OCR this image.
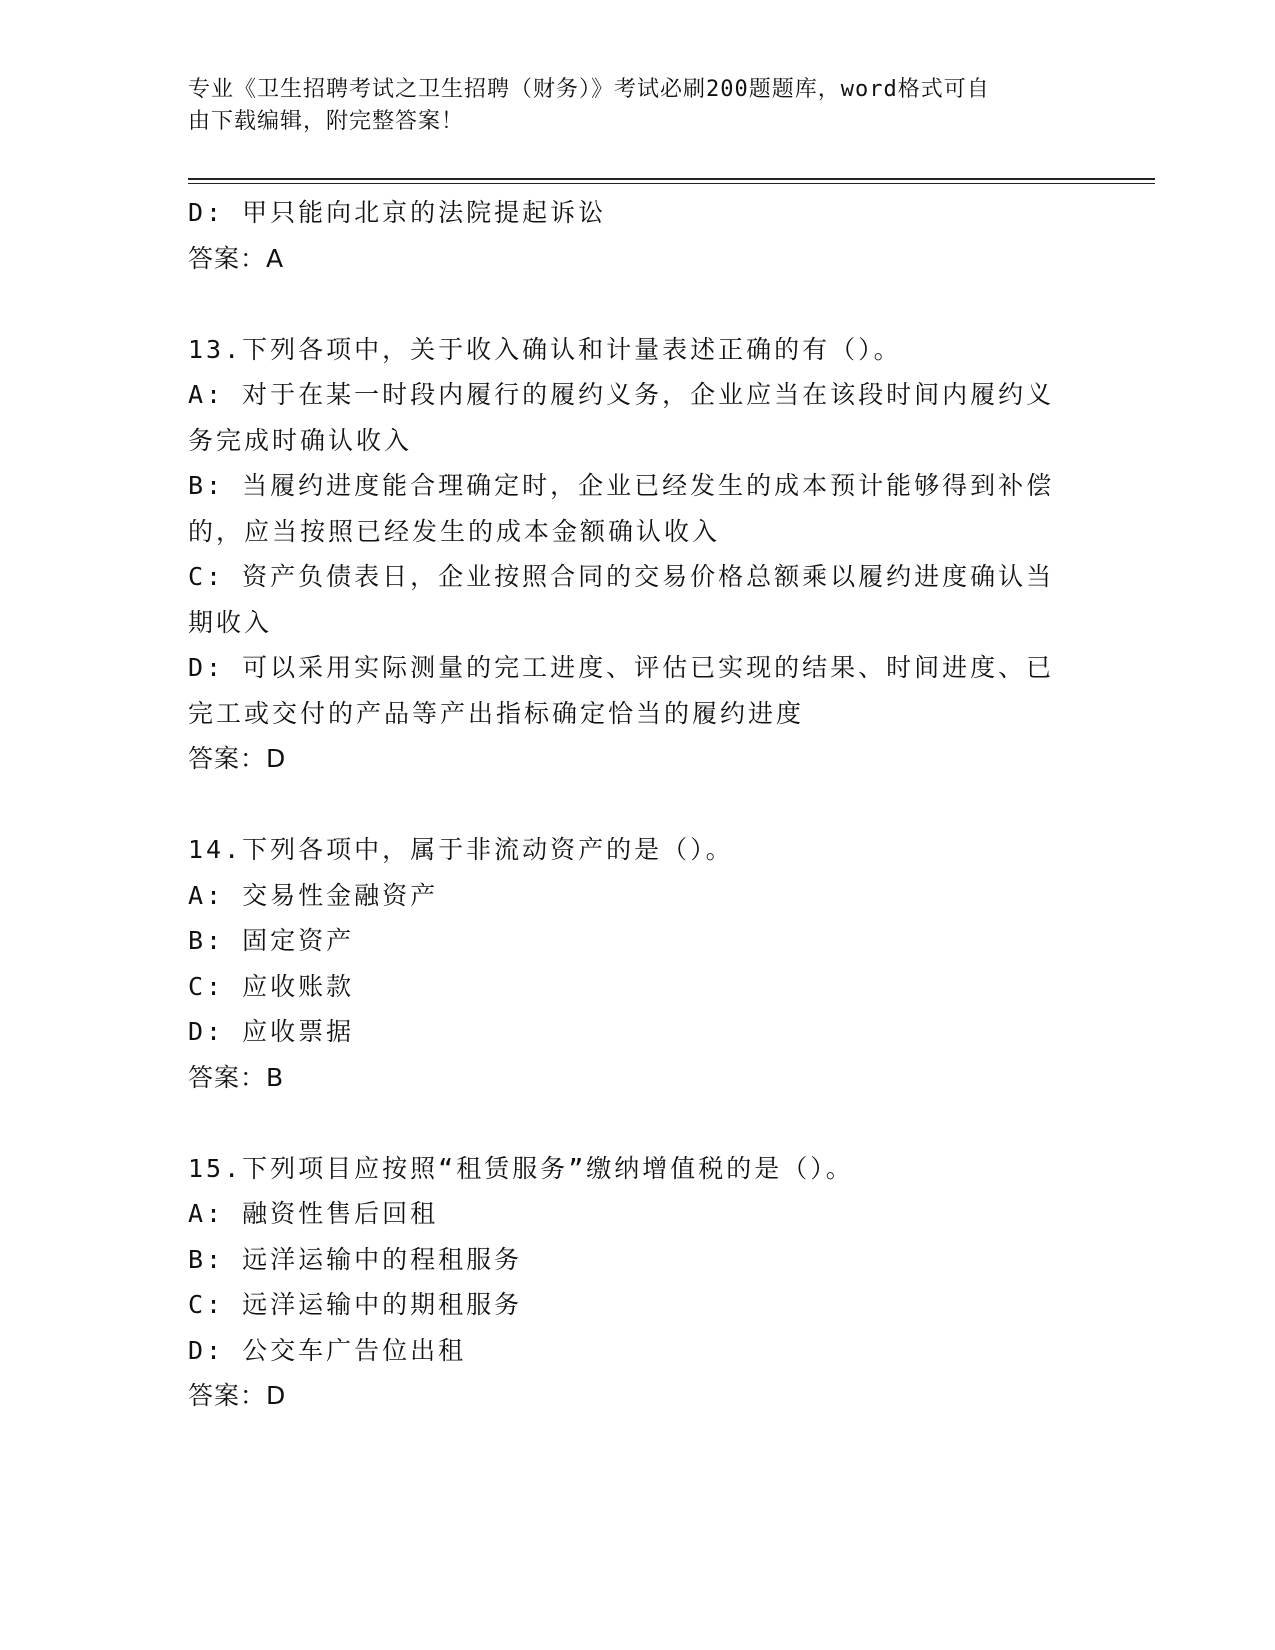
专业《卫生招聘考试之卫生招聘（财务）》考试必刷200题题库，word格式可自
由下载编辑，附完整答案！
D: 甲只能向北京的法院提起诉讼
答案：A
13.下列各项中，关于收入确认和计量表述正确的有（）。
A: 对于在某一时段内履行的履约义务，企业应当在该段时间内履约义
务完成时确认收入
B: 当履约进度能合理确定时，企业已经发生的成本预计能够得到补偿
的，应当按照已经发生的成本金额确认收入
C: 资产负债表日，企业按照合同的交易价格总额乘以履约进度确认当
期收入
D: 可以采用实际测量的完工进度、评估已实现的结果、时间进度、已
完工或交付的产品等产出指标确定恰当的履约进度
答案：D
14.下列各项中，属于非流动资产的是（）。
A: 交易性金融资产
B: 固定资产
C: 应收账款
D: 应收票据
答案：B
15.下列项目应按照“租赁服务”缴纳增值税的是（）。
A: 融资性售后回租
B: 远洋运输中的程租服务
C: 远洋运输中的期租服务
D: 公交车广告位出租
答案：D
